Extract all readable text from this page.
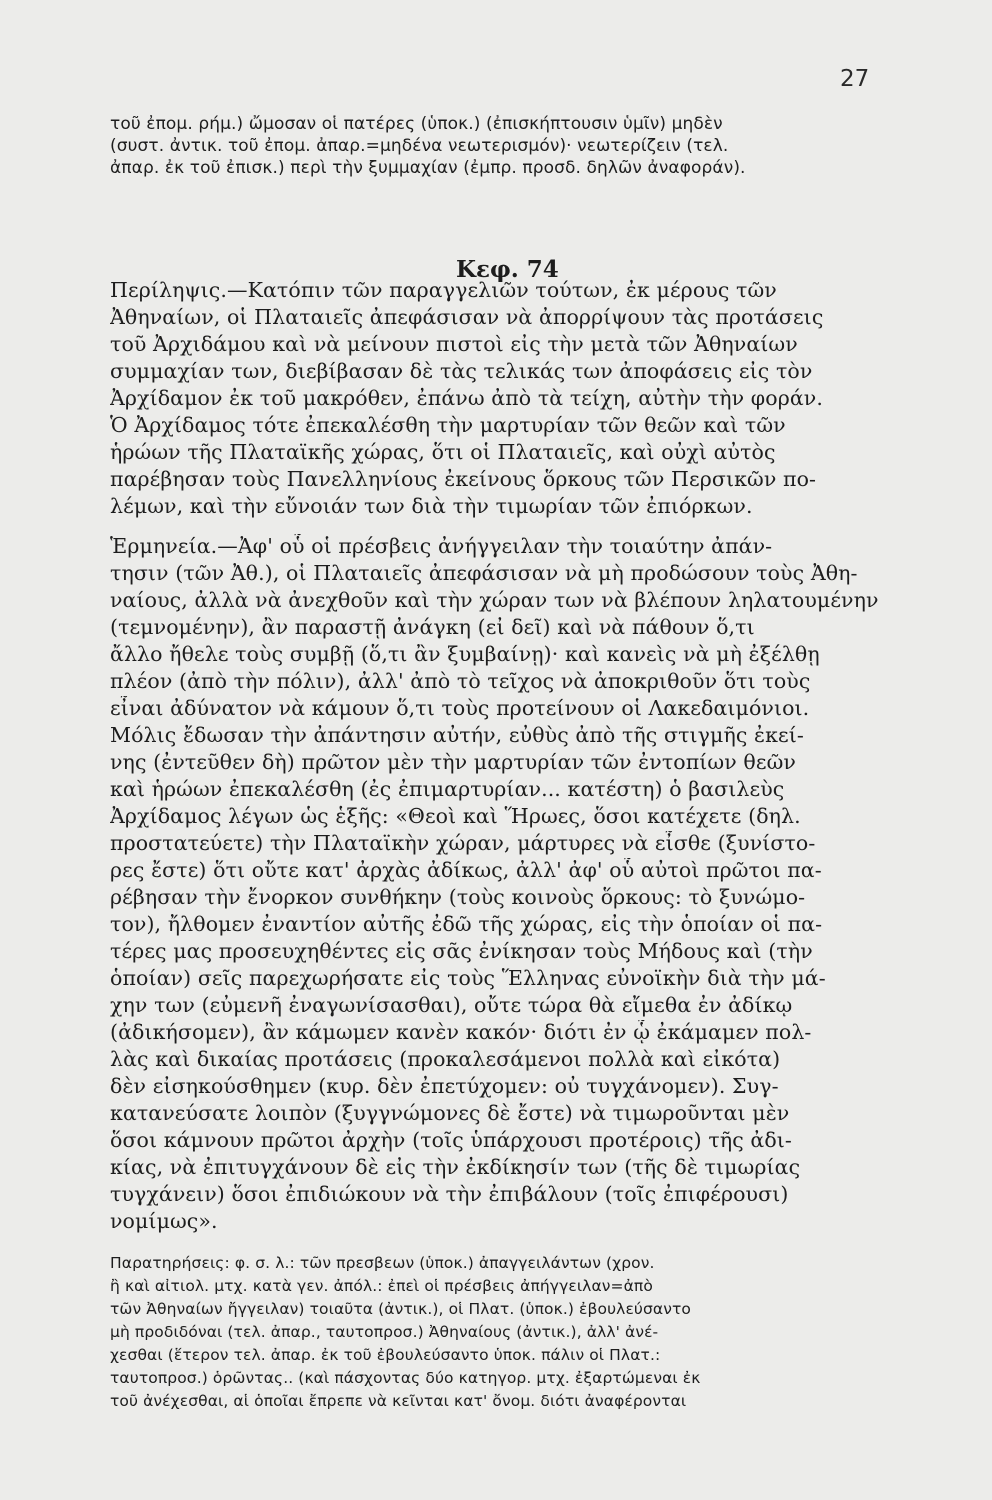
27
τοῦ ἐπομ. ρήμ.) ὤμοσαν οἱ πατέρες (ὑποκ.) (ἐπισκήπτουσιν ὑμῖν) μηδὲν
(συστ. ἀντικ. τοῦ ἐπομ. ἀπαρ.=μηδένα νεωτερισμόν)· νεωτερίζειν (τελ.
ἀπαρ. ἐκ τοῦ ἐπισκ.) περὶ τὴν ξυμμαχίαν (ἐμπρ. προσδ. δηλῶν ἀναφοράν).
Κεφ. 74
Περίληψις.—Κατόπιν τῶν παραγγελιῶν τούτων, ἐκ μέρους τῶν
Ἀθηναίων, οἱ Πλαταιεῖς ἀπεφάσισαν νὰ ἀπορρίψουν τὰς προτάσεις
τοῦ Ἀρχιδάμου καὶ νὰ μείνουν πιστοὶ εἰς τὴν μετὰ τῶν Ἀθηναίων
συμμαχίαν των, διεβίβασαν δὲ τὰς τελικάς των ἀποφάσεις εἰς τὸν
Ἀρχίδαμον ἐκ τοῦ μακρόθεν, ἐπάνω ἀπὸ τὰ τείχη, αὐτὴν τὴν φοράν.
Ὁ Ἀρχίδαμος τότε ἐπεκαλέσθη τὴν μαρτυρίαν τῶν θεῶν καὶ τῶν
ἡρώων τῆς Πλαταϊκῆς χώρας, ὅτι οἱ Πλαταιεῖς, καὶ οὐχὶ αὐτὸς
παρέβησαν τοὺς Πανελληνίους ἐκείνους ὅρκους τῶν Περσικῶν πο-
λέμων, καὶ τὴν εὔνοιάν των διὰ τὴν τιμωρίαν τῶν ἐπιόρκων.
Ἑρμηνεία.—Ἀφ' οὗ οἱ πρέσβεις ἀνήγγειλαν τὴν τοιαύτην ἀπάν-
τησιν (τῶν Ἀθ.), οἱ Πλαταιεῖς ἀπεφάσισαν νὰ μὴ προδώσουν τοὺς Ἀθη-
ναίους, ἀλλὰ νὰ ἀνεχθοῦν καὶ τὴν χώραν των νὰ βλέπουν ληλατουμένην
(τεμνομένην), ἂν παραστῇ ἀνάγκη (εἰ δεῖ) καὶ νὰ πάθουν ὅ,τι
ἄλλο ἤθελε τοὺς συμβῇ (ὅ,τι ἂν ξυμβαίνῃ)· καὶ κανεὶς νὰ μὴ ἐξέλθῃ
πλέον (ἀπὸ τὴν πόλιν), ἀλλ' ἀπὸ τὸ τεῖχος νὰ ἀποκριθοῦν ὅτι τοὺς
εἶναι ἀδύνατον νὰ κάμουν ὅ,τι τοὺς προτείνουν οἱ Λακεδαιμόνιοι.
Μόλις ἔδωσαν τὴν ἀπάντησιν αὐτήν, εὐθὺς ἀπὸ τῆς στιγμῆς ἐκεί-
νης (ἐντεῦθεν δὴ) πρῶτον μὲν τὴν μαρτυρίαν τῶν ἐντοπίων θεῶν
καὶ ἡρώων ἐπεκαλέσθη (ἐς ἐπιμαρτυρίαν... κατέστη) ὁ βασιλεὺς
Ἀρχίδαμος λέγων ὡς ἑξῆς: «Θεοὶ καὶ Ἥρωες, ὅσοι κατέχετε (δηλ.
προστατεύετε) τὴν Πλαταϊκὴν χώραν, μάρτυρες νὰ εἶσθε (ξυνίστο-
ρες ἔστε) ὅτι οὔτε κατ' ἀρχὰς ἀδίκως, ἀλλ' ἀφ' οὗ αὐτοὶ πρῶτοι πα-
ρέβησαν τὴν ἔνορκον συνθήκην (τοὺς κοινοὺς ὅρκους: τὸ ξυνώμο-
τον), ἤλθομεν ἐναντίον αὐτῆς ἐδῶ τῆς χώρας, εἰς τὴν ὁποίαν οἱ πα-
τέρες μας προσευχηθέντες εἰς σᾶς ἐνίκησαν τοὺς Μήδους καὶ (τὴν
ὁποίαν) σεῖς παρεχωρήσατε εἰς τοὺς Ἕλληνας εὐνοϊκὴν διὰ τὴν μά-
χην των (εὐμενῆ ἐναγωνίσασθαι), οὔτε τώρα θὰ εἴμεθα ἐν ἀδίκῳ
(ἀδικήσομεν), ἂν κάμωμεν κανὲν κακόν· διότι ἐν ᾧ ἐκάμαμεν πολ-
λὰς καὶ δικαίας προτάσεις (προκαλεσάμενοι πολλὰ καὶ εἰκότα)
δὲν εἰσηκούσθημεν (κυρ. δὲν ἐπετύχομεν: οὐ τυγχάνομεν). Συγ-
κατανεύσατε λοιπὸν (ξυγγνώμονες δὲ ἔστε) νὰ τιμωροῦνται μὲν
ὅσοι κάμνουν πρῶτοι ἀρχὴν (τοῖς ὑπάρχουσι προτέροις) τῆς ἀδι-
κίας, νὰ ἐπιτυγχάνουν δὲ εἰς τὴν ἐκδίκησίν των (τῆς δὲ τιμωρίας
τυγχάνειν) ὅσοι ἐπιδιώκουν νὰ τὴν ἐπιβάλουν (τοῖς ἐπιφέρουσι)
νομίμως».
Παρατηρήσεις: φ. σ. λ.: τῶν πρεσβεων (ὑποκ.) ἀπαγγειλάντων (χρον.
ἢ καὶ αἰτιολ. μτχ. κατὰ γεν. ἀπόλ.: ἐπεὶ οἱ πρέσβεις ἀπήγγειλαν=ἀπὸ
τῶν Ἀθηναίων ἤγγειλαν) τοιαῦτα (ἀντικ.), οἱ Πλατ. (ὑποκ.) ἐβουλεύσαντο
μὴ προδιδόναι (τελ. ἀπαρ., ταυτοπροσ.) Ἀθηναίους (ἀντικ.), ἀλλ' ἀνέ-
χεσθαι (ἕτερον τελ. ἀπαρ. ἐκ τοῦ ἐβουλεύσαντο ὑποκ. πάλιν οἱ Πλατ.:
ταυτοπροσ.) ὁρῶντας.. (καὶ πάσχοντας δύο κατηγορ. μτχ. ἐξαρτώμεναι ἐκ
τοῦ ἀνέχεσθαι, αἱ ὁποῖαι ἔπρεπε νὰ κεῖνται κατ' ὄνομ. διότι ἀναφέρονται
